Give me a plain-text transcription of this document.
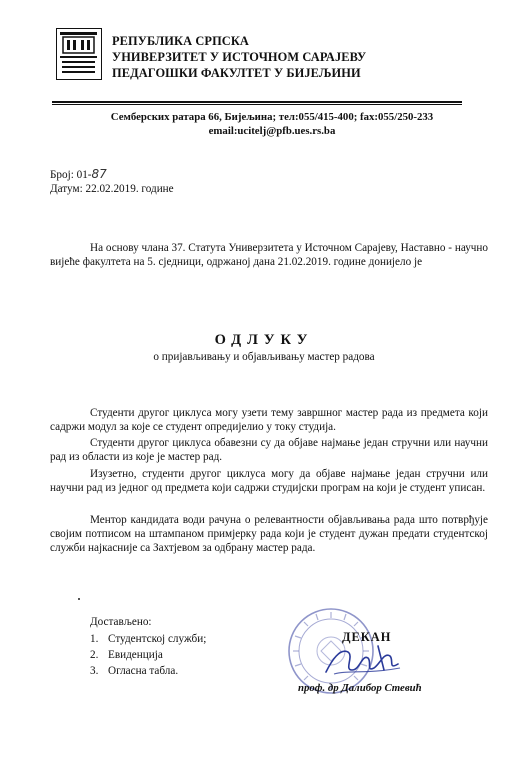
РЕПУБЛИКА СРПСКА
УНИВЕРЗИТЕТ У ИСТОЧНОМ САРАЈЕВУ
ПЕДАГОШКИ ФАКУЛТЕТ У БИЈЕЉИНИ
Семберских ратара 66, Бијељина; тел:055/415-400; fax:055/250-233
email:ucitelj@pfb.ues.rs.ba
Број: 01-87
Датум: 22.02.2019. године
На основу члана 37. Статута Универзитета у Источном Сарајеву, Наставно - научно вијеће факултета на 5. сједници, одржаној дана 21.02.2019. године донијело је
ОДЛУКУ
о пријављивању и објављивању мастер радова
Студенти другог циклуса могу узети тему завршног мастер рада из предмета који садржи модул за које се студент опредијелио у току студија.
Студенти другог циклуса обавезни су да објаве најмање један стручни или научни рад из области из које је мастер рад.
Изузетно, студенти другог циклуса могу да објаве најмање један стручни или научни рад из једног од предмета који садржи студијски програм на који је студент уписан.
Ментор кандидата води рачуна о релевантности објављивања рада што потврђује својим потписом на штампаном примјерку рада који је студент дужан предати студентској служби најкасније са Захтјевом за одбрану мастер рада.
Достављено:
1. Студентској служби;
2. Евиденција
3. Огласна табла.
ДЕКАН
проф. др Далибор Стевић
